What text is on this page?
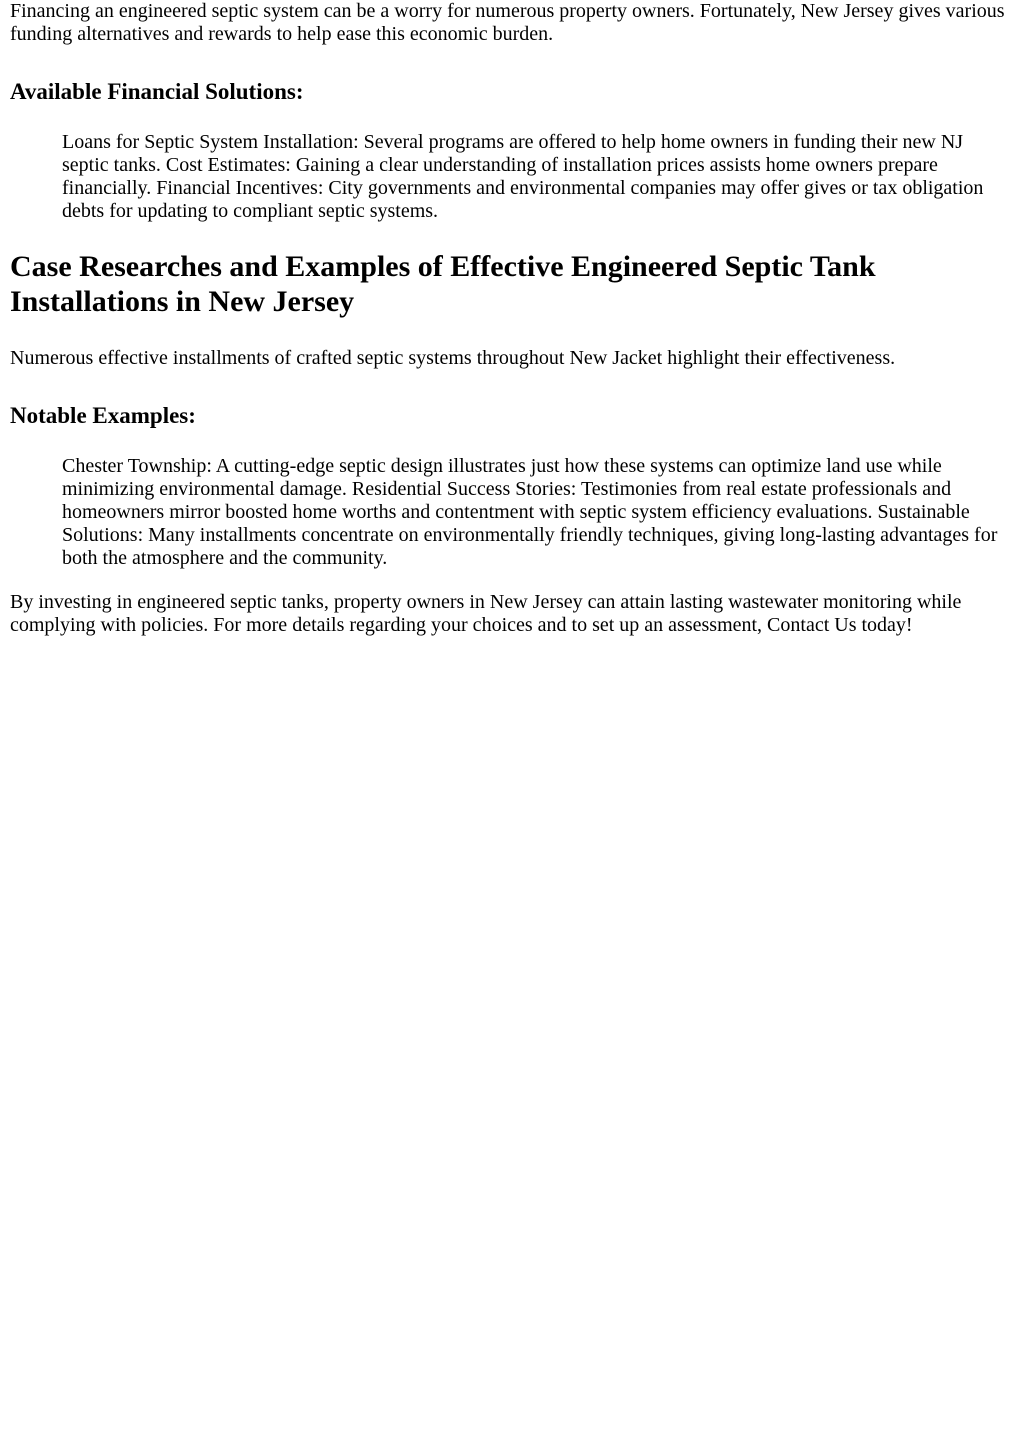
Financing an engineered septic system can be a worry for numerous property owners. Fortunately, New Jersey gives various funding alternatives and rewards to help ease this economic burden.

Available Financial Solutions:
Loans for Septic System Installation: Several programs are offered to help home owners in funding their new NJ septic tanks. Cost Estimates: Gaining a clear understanding of installation prices assists home owners prepare financially. Financial Incentives: City governments and environmental companies may offer gives or tax obligation debts for updating to compliant septic systems.
Case Researches and Examples of Effective Engineered Septic Tank Installations in New Jersey

Numerous effective installments of crafted septic systems throughout New Jacket highlight their effectiveness.

Notable Examples:
Chester Township: A cutting-edge septic design illustrates just how these systems can optimize land use while minimizing environmental damage. Residential Success Stories: Testimonies from real estate professionals and homeowners mirror boosted home worths and contentment with septic system efficiency evaluations. Sustainable Solutions: Many installments concentrate on environmentally friendly techniques, giving long-lasting advantages for both the atmosphere and the community.

By investing in engineered septic tanks, property owners in New Jersey can attain lasting wastewater monitoring while complying with policies. For more details regarding your choices and to set up an assessment, Contact Us today!
